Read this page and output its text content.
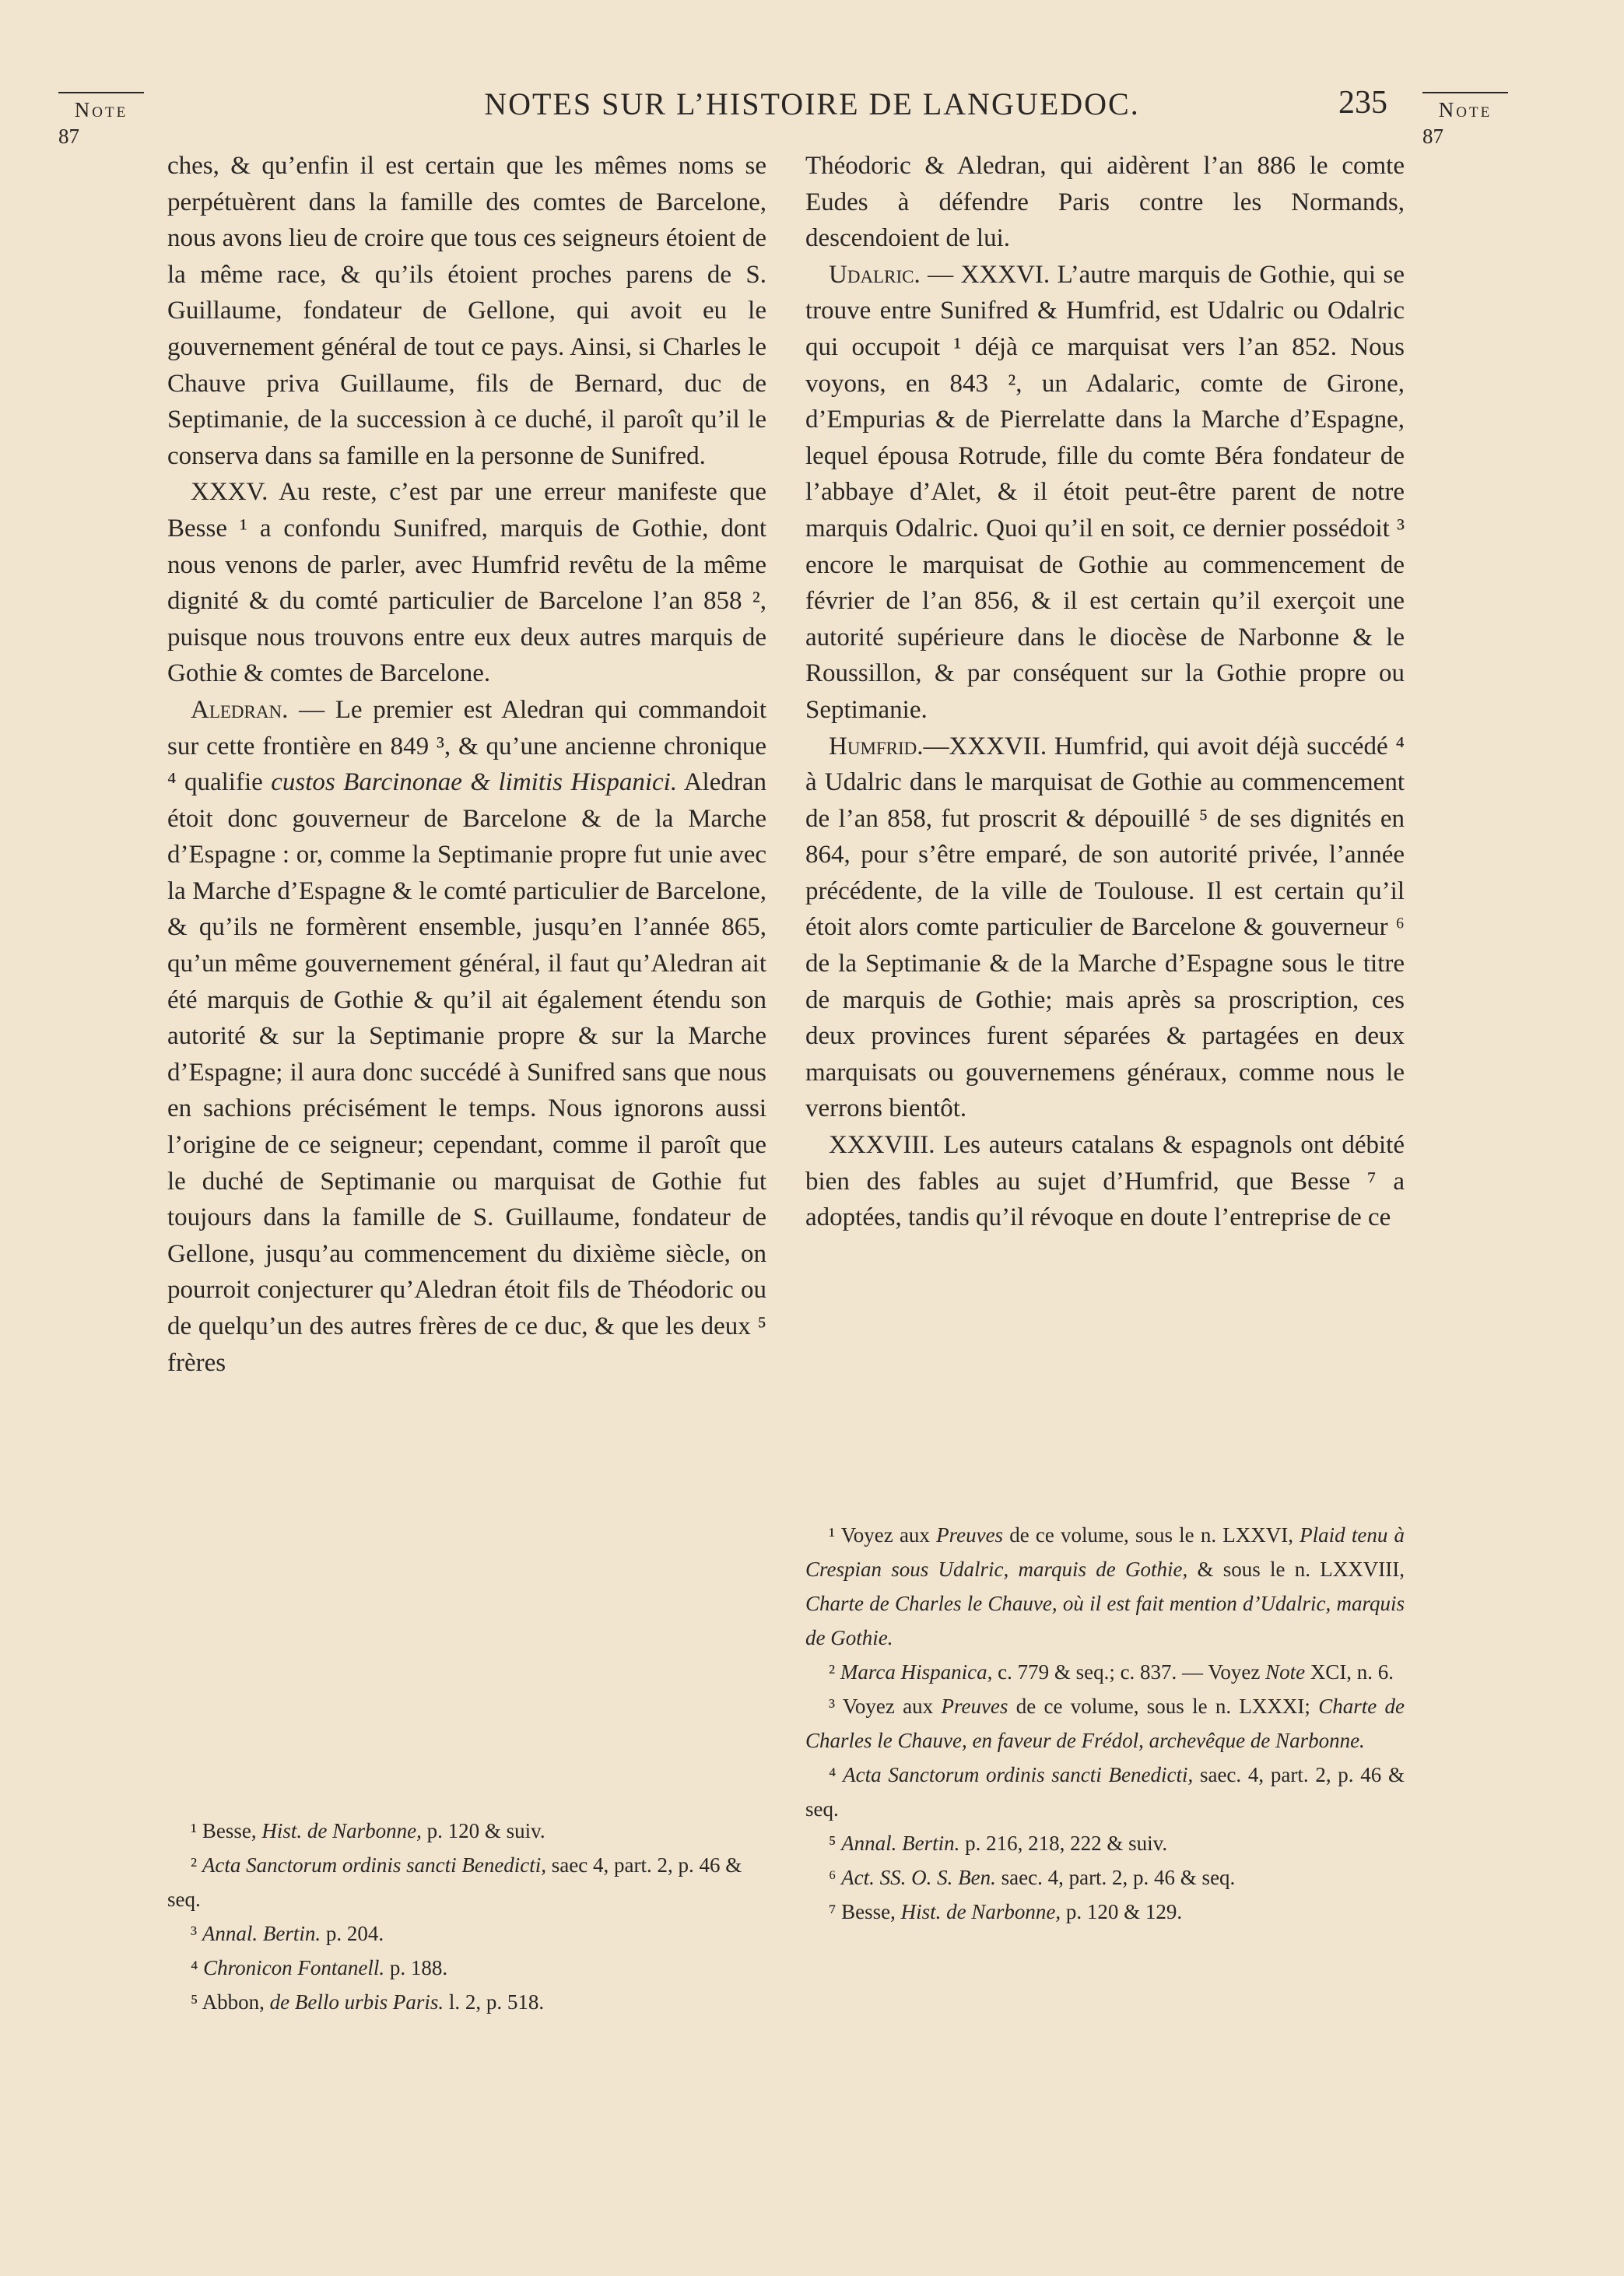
NOTES SUR L’HISTOIRE DE LANGUEDOC.	235
Note
87
Note
87

ches, & qu’enfin il est certain que les mêmes noms se perpétuèrent dans la famille des comtes de Barcelone, nous avons lieu de croire que tous ces seigneurs étoient de la même race, & qu’ils étoient proches parens de S. Guillaume, fondateur de Gellone, qui avoit eu le gouvernement général de tout ce pays. Ainsi, si Charles le Chauve priva Guillaume, fils de Bernard, duc de Septimanie, de la succession à ce duché, il paroît qu’il le conserva dans sa famille en la personne de Sunifred.

XXXV. Au reste, c’est par une erreur manifeste que Besse ¹ a confondu Sunifred, marquis de Gothie, dont nous venons de parler, avec Humfrid revêtu de la même dignité & du comté particulier de Barcelone l’an 858 ², puisque nous trouvons entre eux deux autres marquis de Gothie & comtes de Barcelone.

Aledran. — Le premier est Aledran qui commandoit sur cette frontière en 849 ³, & qu’une ancienne chronique ⁴ qualifie custos Barcinonae & limitis Hispanici. Aledran étoit donc gouverneur de Barcelone & de la Marche d’Espagne : or, comme la Septimanie propre fut unie avec la Marche d’Espagne & le comté particulier de Barcelone, & qu’ils ne formèrent ensemble, jusqu’en l’année 865, qu’un même gouvernement général, il faut qu’Aledran ait été marquis de Gothie & qu’il ait également étendu son autorité & sur la Septimanie propre & sur la Marche d’Espagne; il aura donc succédé à Sunifred sans que nous en sachions précisément le temps. Nous ignorons aussi l’origine de ce seigneur; cependant, comme il paroît que le duché de Septimanie ou marquisat de Gothie fut toujours dans la famille de S. Guillaume, fondateur de Gellone, jusqu’au commencement du dixième siècle, on pourroit conjecturer qu’Aledran étoit fils de Théodoric ou de quelqu’un des autres frères de ce duc, & que les deux ⁵ frères

Théodoric & Aledran, qui aidèrent l’an 886 le comte Eudes à défendre Paris contre les Normands, descendoient de lui.

Udalric. — XXXVI. L’autre marquis de Gothie, qui se trouve entre Sunifred & Humfrid, est Udalric ou Odalric qui occupoit ¹ déjà ce marquisat vers l’an 852. Nous voyons, en 843 ², un Adalaric, comte de Girone, d’Empurias & de Pierrelatte dans la Marche d’Espagne, lequel épousa Rotrude, fille du comte Béra fondateur de l’abbaye d’Alet, & il étoit peut-être parent de notre marquis Odalric. Quoi qu’il en soit, ce dernier possédoit ³ encore le marquisat de Gothie au commencement de février de l’an 856, & il est certain qu’il exerçoit une autorité supérieure dans le diocèse de Narbonne & le Roussillon, & par conséquent sur la Gothie propre ou Septimanie.

Humfrid.—XXXVII. Humfrid, qui avoit déjà succédé ⁴ à Udalric dans le marquisat de Gothie au commencement de l’an 858, fut proscrit & dépouillé ⁵ de ses dignités en 864, pour s’être emparé, de son autorité privée, l’année précédente, de la ville de Toulouse. Il est certain qu’il étoit alors comte particulier de Barcelone & gouverneur ⁶ de la Septimanie & de la Marche d’Espagne sous le titre de marquis de Gothie; mais après sa proscription, ces deux provinces furent séparées & partagées en deux marquisats ou gouvernemens généraux, comme nous le verrons bientôt.

XXXVIII. Les auteurs catalans & espagnols ont débité bien des fables au sujet d’Humfrid, que Besse ⁷ a adoptées, tandis qu’il révoque en doute l’entreprise de ce

¹ Besse, Hist. de Narbonne, p. 120 & suiv.

² Acta Sanctorum ordinis sancti Benedicti, saec 4, part. 2, p. 46 & seq.

³ Annal. Bertin. p. 204.

⁴ Chronicon Fontanell. p. 188.

⁵ Abbon, de Bello urbis Paris. l. 2, p. 518.

¹ Voyez aux Preuves de ce volume, sous le n. LXXVI, Plaid tenu à Crespian sous Udalric, marquis de Gothie, & sous le n. LXXVIII, Charte de Charles le Chauve, où il est fait mention d’Udalric, marquis de Gothie.

² Marca Hispanica, c. 779 & seq.; c. 837. — Voyez Note XCI, n. 6.

³ Voyez aux Preuves de ce volume, sous le n. LXXXI; Charte de Charles le Chauve, en faveur de Frédol, archevêque de Narbonne.

⁴ Acta Sanctorum ordinis sancti Benedicti, saec. 4, part. 2, p. 46 & seq.

⁵ Annal. Bertin. p. 216, 218, 222 & suiv.

⁶ Act. SS. O. S. Ben. saec. 4, part. 2, p. 46 & seq.

⁷ Besse, Hist. de Narbonne, p. 120 & 129.
